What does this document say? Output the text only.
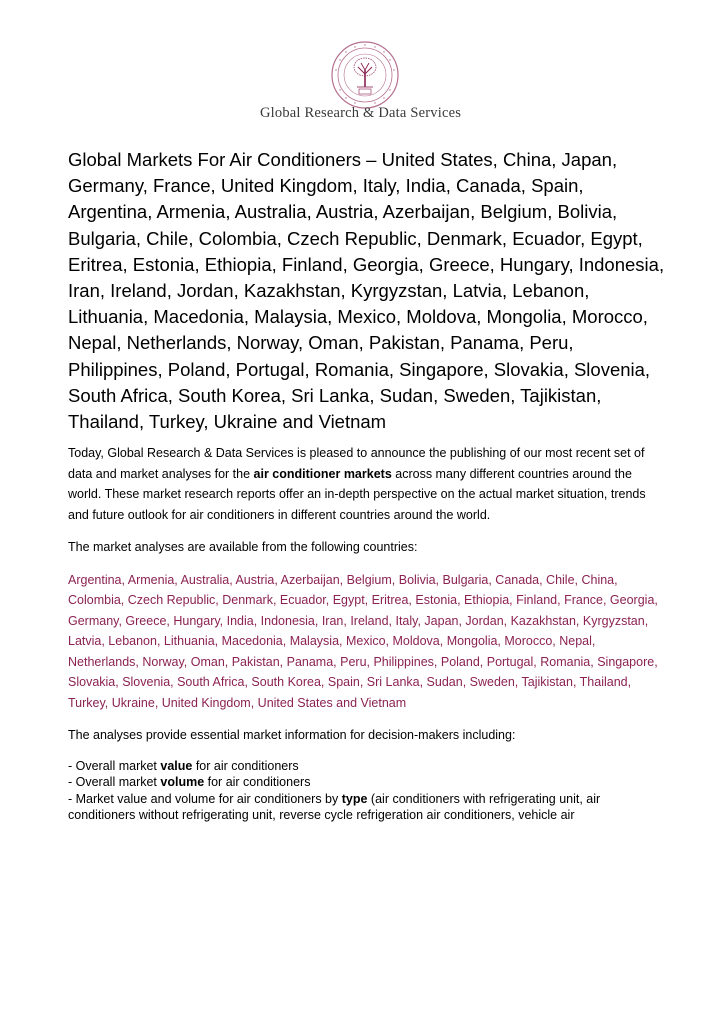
Global Research & Data Services
Global Markets For Air Conditioners – United States, China, Japan, Germany, France, United Kingdom, Italy, India, Canada, Spain, Argentina, Armenia, Australia, Austria, Azerbaijan, Belgium, Bolivia, Bulgaria, Chile, Colombia, Czech Republic, Denmark, Ecuador, Egypt, Eritrea, Estonia, Ethiopia, Finland, Georgia, Greece, Hungary, Indonesia, Iran, Ireland, Jordan, Kazakhstan, Kyrgyzstan, Latvia, Lebanon, Lithuania, Macedonia, Malaysia, Mexico, Moldova, Mongolia, Morocco, Nepal, Netherlands, Norway, Oman, Pakistan, Panama, Peru, Philippines, Poland, Portugal, Romania, Singapore, Slovakia, Slovenia, South Africa, South Korea, Sri Lanka, Sudan, Sweden, Tajikistan, Thailand, Turkey, Ukraine and Vietnam

Today, Global Research & Data Services is pleased to announce the publishing of our most recent set of data and market analyses for the air conditioner markets across many different countries around the world. These market research reports offer an in-depth perspective on the actual market situation, trends and future outlook for air conditioners in different countries around the world.

The market analyses are available from the following countries:

Argentina, Armenia, Australia, Austria, Azerbaijan, Belgium, Bolivia, Bulgaria, Canada, Chile, China, Colombia, Czech Republic, Denmark, Ecuador, Egypt, Eritrea, Estonia, Ethiopia, Finland, France, Georgia, Germany, Greece, Hungary, India, Indonesia, Iran, Ireland, Italy, Japan, Jordan, Kazakhstan, Kyrgyzstan, Latvia, Lebanon, Lithuania, Macedonia, Malaysia, Mexico, Moldova, Mongolia, Morocco, Nepal, Netherlands, Norway, Oman, Pakistan, Panama, Peru, Philippines, Poland, Portugal, Romania, Singapore, Slovakia, Slovenia, South Africa, South Korea, Spain, Sri Lanka, Sudan, Sweden, Tajikistan, Thailand, Turkey, Ukraine, United Kingdom, United States and Vietnam

The analyses provide essential market information for decision-makers including:

- Overall market value for air conditioners
- Overall market volume for air conditioners
- Market value and volume for air conditioners by type (air conditioners with refrigerating unit, air conditioners without refrigerating unit, reverse cycle refrigeration air conditioners, vehicle air
